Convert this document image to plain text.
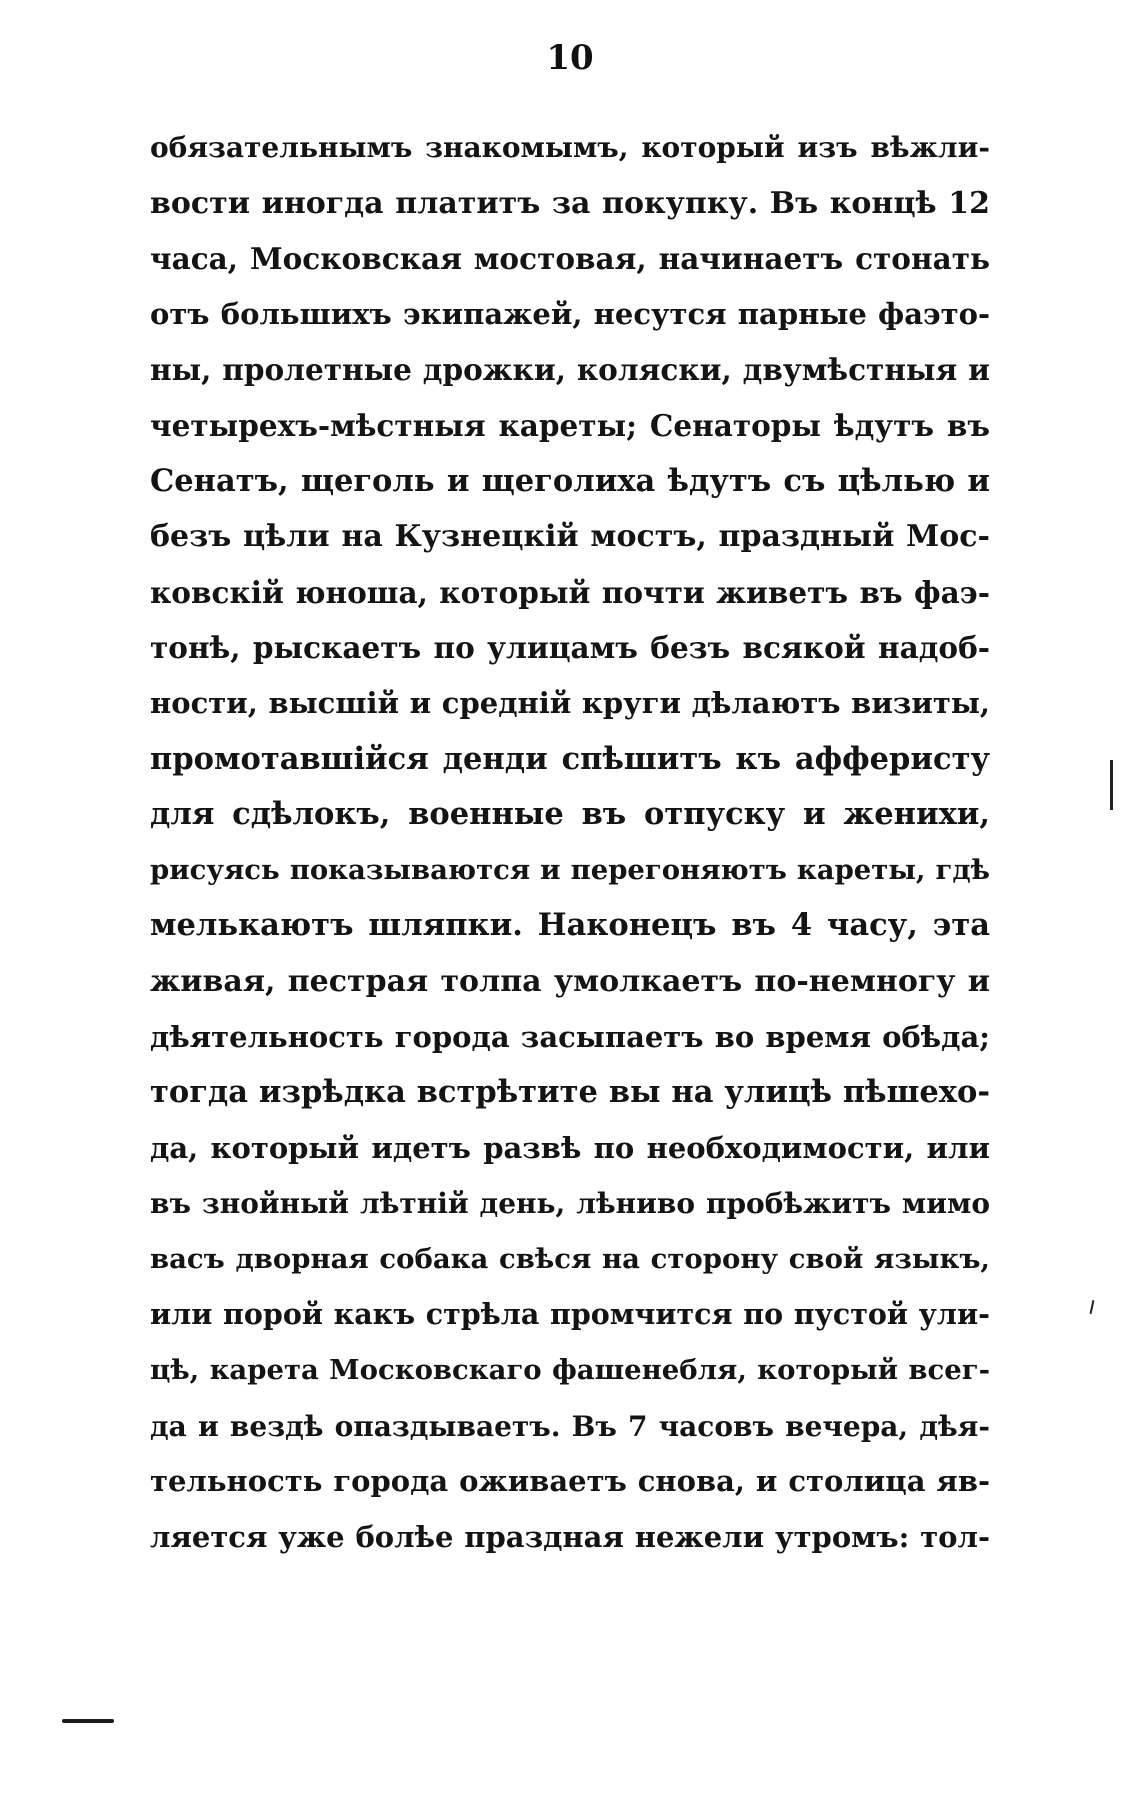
10
обязательнымъ знакомымъ, который изъ вѣжли-
вости иногда платитъ за покупку. Въ концѣ 12
часа, Московская мостовая, начинаетъ стонать
отъ большихъ экипажей, несутся парные фаэто-
ны, пролетные дрожки, коляски, двумѣстныя и
четырехъ-мѣстныя кареты; Сенаторы ѣдутъ въ
Сенатъ, щеголь и щеголиха ѣдутъ съ цѣлью и
безъ цѣли на Кузнецкій мостъ, праздный Мос-
ковскій юноша, который почти живетъ въ фаэ-
тонѣ, рыскаетъ по улицамъ безъ всякой надоб-
ности, высшій и средній круги дѣлаютъ визиты,
промотавшійся денди спѣшитъ къ афферисту
для сдѣлокъ, военные въ отпуску и женихи,
рисуясь показываются и перегоняютъ кареты, гдѣ
мелькаютъ шляпки. Наконецъ въ 4 часу, эта
живая, пестрая толпа умолкаетъ по-немногу и
дѣятельность города засыпаетъ во время обѣда;
тогда изрѣдка встрѣтите вы на улицѣ пѣшехо-
да, который идетъ развѣ по необходимости, или
въ знойный лѣтній день, лѣниво пробѣжитъ мимо
васъ дворная собака свѣся на сторону свой языкъ,
или порой какъ стрѣла промчится по пустой ули-
цѣ, карета Московскаго фашенебля, который всег-
да и вездѣ опаздываетъ. Въ 7 часовъ вечера, дѣя-
тельность города оживаетъ снова, и столица яв-
ляется уже болѣе праздная нежели утромъ: тол-
